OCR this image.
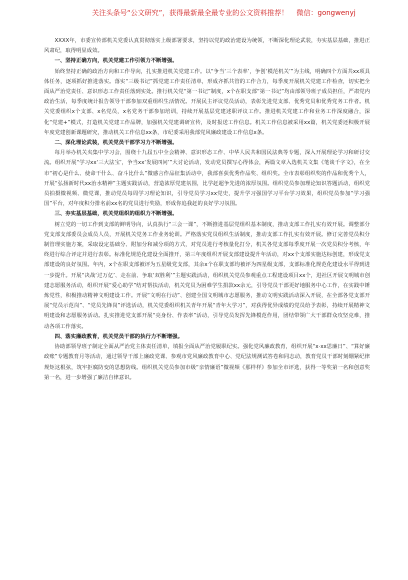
关注头条号“公文研究”，获得最新最全最专业的公文资料推荐！ 微信：gongwenyj

XXXX年，市委宣传部机关党委认真贯彻落实上级部署要求，坚持以党的政治建设为统领，不断深化理论武装，夯实基层基础，推进正风肃纪，取得明显成效。

一、坚持正确方向，机关党建工作引领力不断增强。

始终坚持正确的政治方向和工作导向，扎实推进机关党建工作。以“争当‘三个表率’，争创‘模范机关’”为主线，明确四个方面共xx项具体任务，逐项抓好推进落实。落实“三级书记”抓党建工作责任清单，形成齐抓共管的工作合力，每季度开展机关党建工作检查，切实把全面从严治党责任、意识形态工作责任落到实处。推行机关党“第一书记”制度，x个在职支部“第一书记”均由部领导班子成员担任，严肃党内政治生活，每季度统计报告领导干部参加双重组织生活情况。开展民主评议党员活动，表彰先进党支部、优秀党员和优秀党务工作者。机关党委组织x个支部、x名党员，x名党务干部参加培训，持续开展基层党建述职评议工作。推进机关党建工作和业务工作深度融合，深化“党建+”模式，打造机关党建工作品牌，加强机关党建调研宣传，及时报送工作信息。机关工作信息被采用xx篇，机关党委还积极开展年度党建创新课题研究，推动机关工作信息xx条，市纪委采用我部党风廉政建设工作信息x条。

二、深化理论武装，机关党员干部学习力不断增强。

每月举办机关夹集中学习会，围绕十九届五中全会精神、意识形态工作、中华人民共和国民法典等专题，深入开展理论学习和研讨交流。组织开展“学习xx‘三大法宝’，争当xx‘发展四问’”大讨论活动，发动党员撰写心得体会，两篇文章入选机关文集《笔谈千字文》，在全市“初心是什么、使命干什么、奋斗比什么”微感言作品征集活动中，我部喜获优秀作品奖、组织奖。全市表彰组织奖的作品和优秀个人，开展“弘扬新时代xx治水精神”主题实践活动，营造浓厚党建氛围，比学赶超争先进的浓厚氛围。组织党员参加理论知识答题活动，组织党员拍摄微视频、微党课，推动党员每周学习理论知识，引导党员学习xx党史，提升学习强国学习平台学习效果，组织党员参加“学习强国”平台，对年度积分排名前xx名的党员进行奖励，形成你追我赶的良好学习氛围。

三、夯实基层基础，机关党组织的组织力不断增强。

树立党的一切工作到支部的鲜明导向，认真执行“三会一课”，不断推进基层党组织基本制度，推动支部工作扎实有效开展。调整部分党支部支部委员会成员人员，开展机关党务工作业务轮训。严格落实党员组织生活制度，推动支部工作扎实有效开展。修订完善党员积分制管理实施方案，采取设定基础分、附加分和减分项的方式，对党员进行考核量化打分，机关各党支部每季度开展一次党员积分考核，年终进行综合评定并进行表彰。标准化规范化建设全面推开，第三年度组织开展支部建设提升年活动，对xx个支部实施达标创建，形成党支部建设的良好氛围。年内，x个在职支部被评为五星级党支部，其余x个在职支部均被评为四星级支部，支部标准化规范化建设水平得到进一步提升。开展“决战‘过万亿’、走在前、争取‘双胜利’”主题实践活动，组织机关党员参观重点工程建设项目xx个，进社区开展文明城市创建志愿服务活动，组织开展“爱心助学”结对帮扶活动，机关党员为困难学生捐款xx余元，引导党员干部更好地服务中心工作，在实践中锤炼党性，积极推动精神文明建设工作。开展“文明在行动”、创建全国文明城市志愿服务，推动文明实践活动深入开展，在全部各党支部开展“党员示范岗”、“党员先锋岗”评选活动，机关党委组织机关青年开展“青年大学习”，对获得优异成绩的党员给予表彰，持续开展精神文明建设和志愿服务活动。扎实推进党支部开展“亮身份、作表率”活动，引导党员发挥先锋模范作用，团结带领广大干部群众攻坚克难，推动各项工作落实。

四、落实廉政教育，机关党员干部的执行力不断增强。

协助部领导班子制定全面从严治党主体责任清单，填报全面从严治党履职纪实。强化党风廉政教育，组织开展“x·xx思廉日”、“算好廉政账”专题教育月等活动，通过领导干部上廉政党课、参观市党风廉政教育中心、党纪法规测试答卷和同志动，教育党员干部时刻绷紧纪律规矩这根弦，筑牢拒腐防变的思想防线。组织机关党员参加市级“亲情廉语”微视频《那样样》参加全市评选，获得一等奖第一名和创意奖第一名，进一步增强了廉洁自律意识。
